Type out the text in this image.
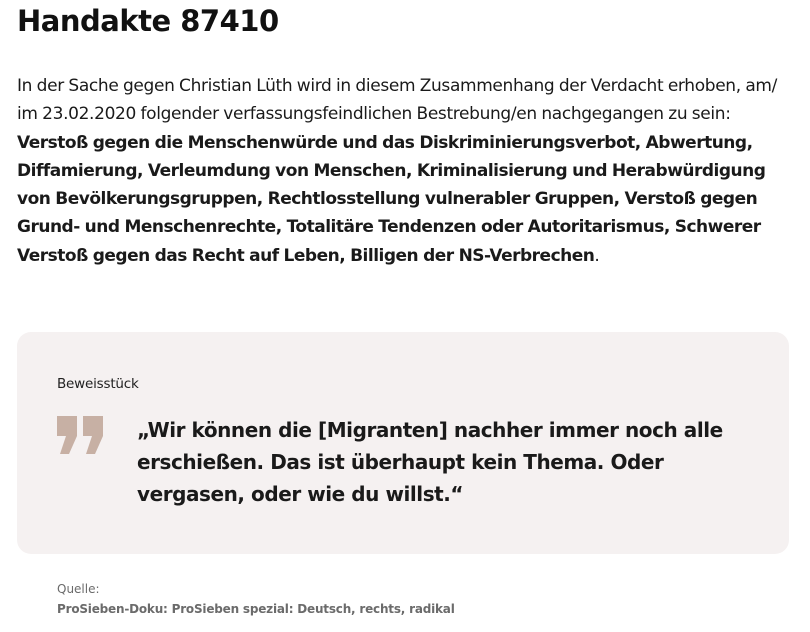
Handakte 87410

In der Sache gegen Christian Lüth wird in diesem Zusammenhang der Verdacht erhoben, am/ im 23.02.2020 folgender verfassungsfeindlichen Bestrebung/en nachgegangen zu sein: Verstoß gegen die Menschenwürde und das Diskriminierungsverbot, Abwertung, Diffamierung, Verleumdung von Menschen, Kriminalisierung und Herabwürdigung von Bevölkerungsgruppen, Rechtlosstellung vulnerabler Gruppen, Verstoß gegen Grund- und Menschenrechte, Totalitäre Tendenzen oder Autoritarismus, Schwerer Verstoß gegen das Recht auf Leben, Billigen der NS-Verbrechen.

Beweisstück

„Wir können die [Migranten] nachher immer noch alle erschießen. Das ist überhaupt kein Thema. Oder vergasen, oder wie du willst.“

Quelle:
ProSieben-Doku: ProSieben spezial: Deutsch, rechts, radikal
